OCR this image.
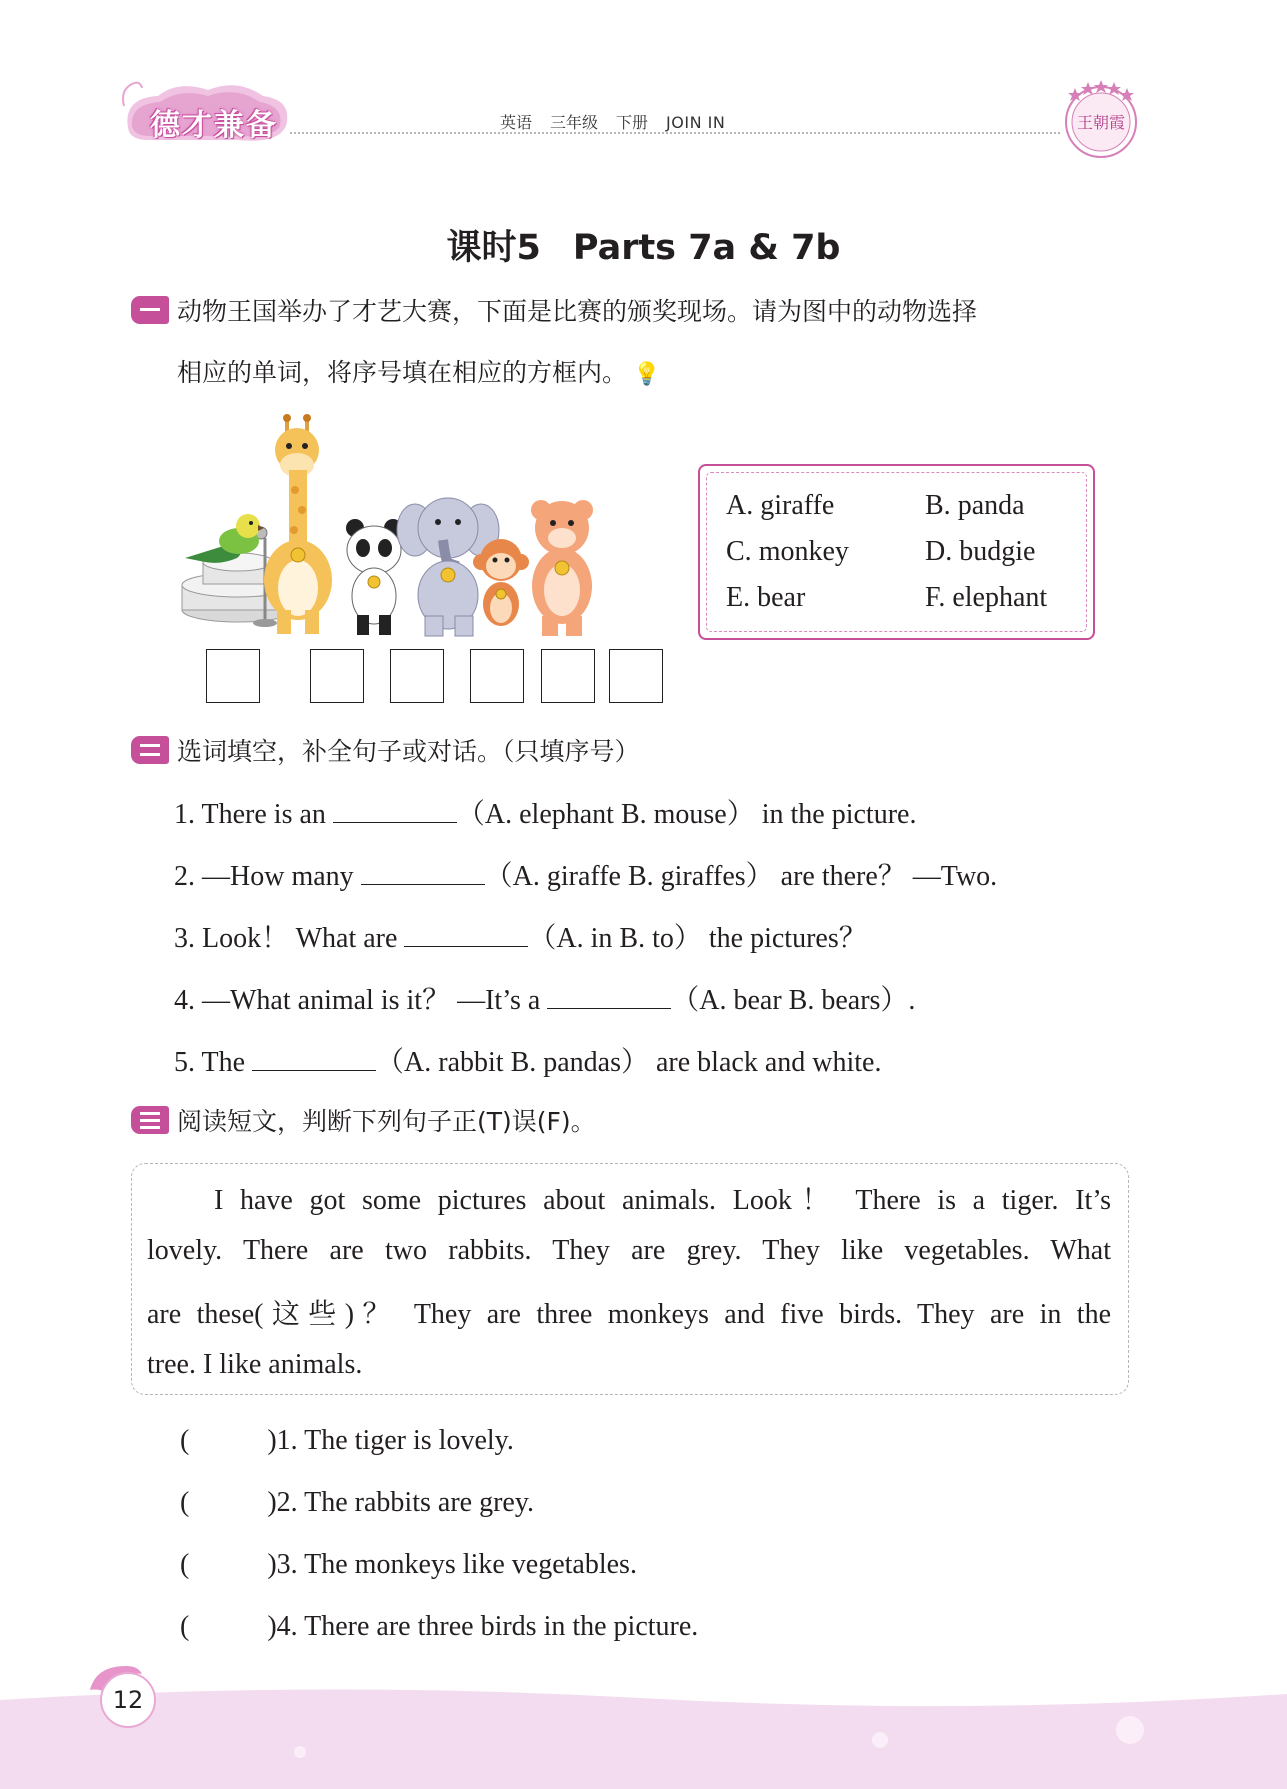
德才兼备	英语 三年级 下册 JOIN IN	王朝霞
课时5 Parts 7a & 7b
动物王国举办了才艺大赛，下面是比赛的颁奖现场。请为图中的动物选择
相应的单词，将序号填在相应的方框内。 💡
A. giraffe	B. panda
C. monkey	D. budgie
E. bear	F. elephant
选词填空，补全句子或对话。（只填序号）
1. There is an	（A. elephant B. mouse） in the picture.
2. —How many	（A. giraffe B. giraffes） are there？ —Two.
3. Look！ What are	（A. in B. to） the pictures？
4. —What animal is it？ —It’s a	（A. bear B. bears）.
5. The	（A. rabbit B. pandas） are black and white.
阅读短文，判断下列句子正(T)误(F)。
I have got some pictures about animals. Look！ There is a tiger. It’s
lovely. There are two rabbits. They are grey. They like vegetables. What
are these(这些)？ They are three monkeys and five birds. They are in the
tree. I like animals.
(	)1. The tiger is lovely.
(	)2. The rabbits are grey.
(	)3. The monkeys like vegetables.
(	)4. There are three birds in the picture.
12
